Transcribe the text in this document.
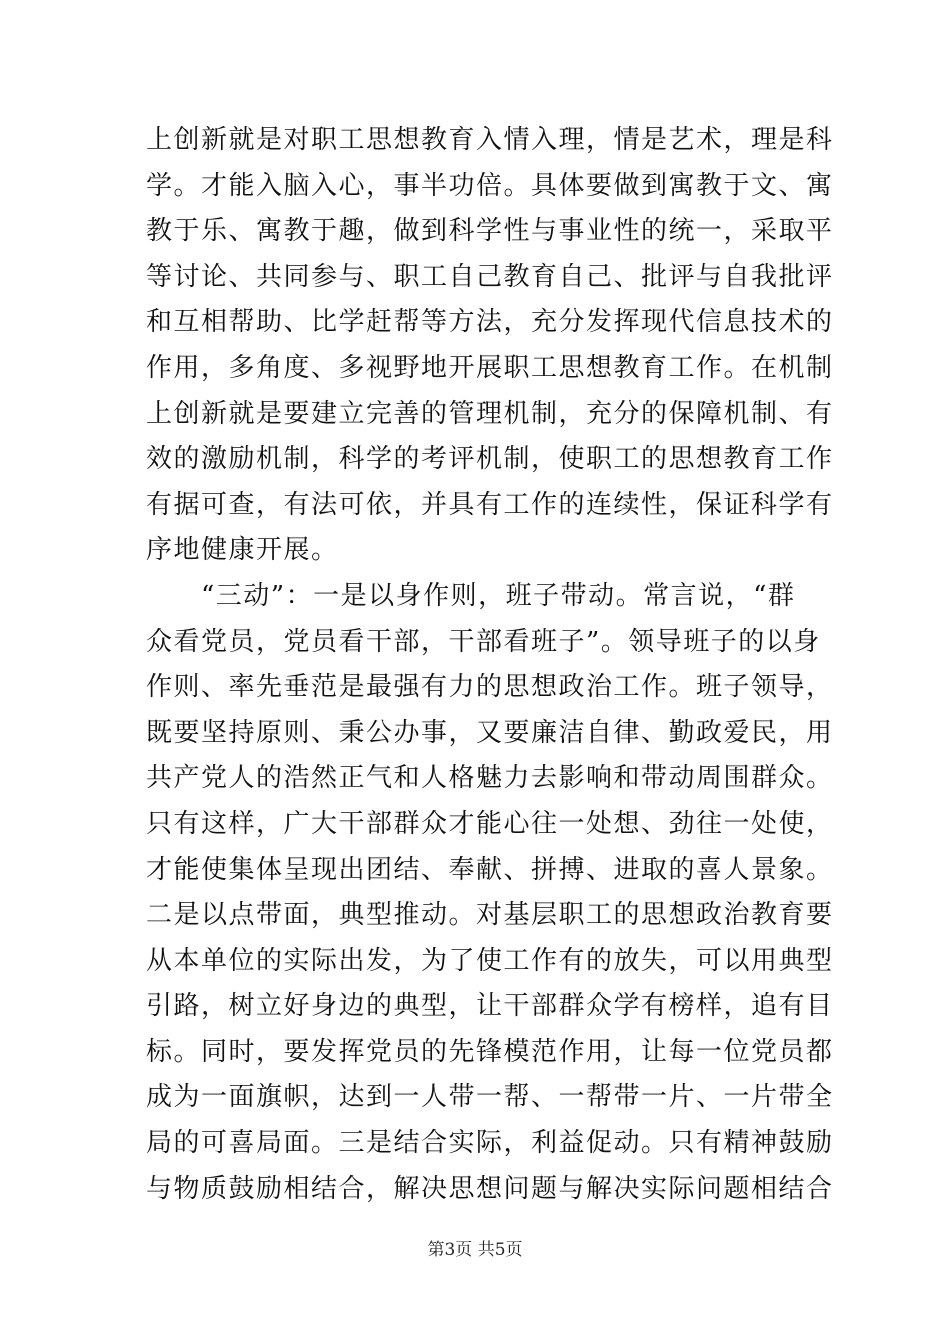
上创新就是对职工思想教育入情入理，情是艺术，理是科
学。才能入脑入心，事半功倍。具体要做到寓教于文、寓
教于乐、寓教于趣，做到科学性与事业性的统一，采取平
等讨论、共同参与、职工自己教育自己、批评与自我批评
和互相帮助、比学赶帮等方法，充分发挥现代信息技术的
作用，多角度、多视野地开展职工思想教育工作。在机制
上创新就是要建立完善的管理机制，充分的保障机制、有
效的激励机制，科学的考评机制，使职工的思想教育工作
有据可查，有法可依，并具有工作的连续性，保证科学有
序地健康开展。
　　“三动”：一是以身作则，班子带动。常言说，“群
众看党员，党员看干部，干部看班子”。领导班子的以身
作则、率先垂范是最强有力的思想政治工作。班子领导，
既要坚持原则、秉公办事，又要廉洁自律、勤政爱民，用
共产党人的浩然正气和人格魅力去影响和带动周围群众。
只有这样，广大干部群众才能心往一处想、劲往一处使，
才能使集体呈现出团结、奉献、拼搏、进取的喜人景象。
二是以点带面，典型推动。对基层职工的思想政治教育要
从本单位的实际出发，为了使工作有的放失，可以用典型
引路，树立好身边的典型，让干部群众学有榜样，追有目
标。同时，要发挥党员的先锋模范作用，让每一位党员都
成为一面旗帜，达到一人带一帮、一帮带一片、一片带全
局的可喜局面。三是结合实际，利益促动。只有精神鼓励
与物质鼓励相结合，解决思想问题与解决实际问题相结合
第3页 共5页
